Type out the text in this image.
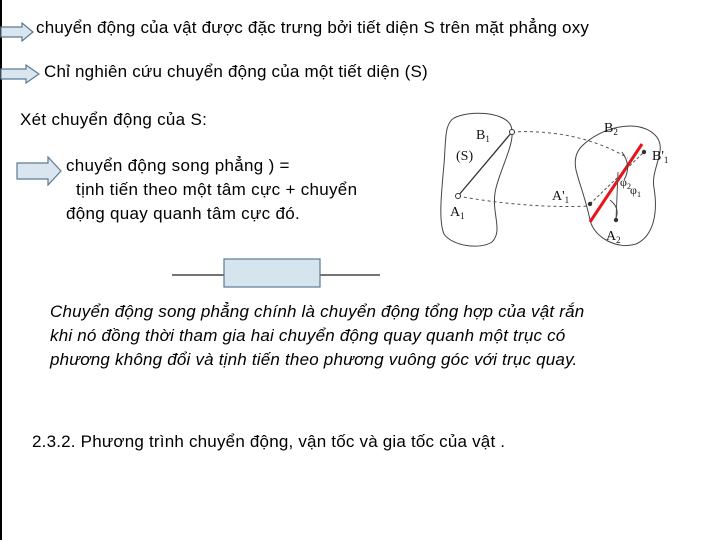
chuyển động của vật được đặc trưng bởi tiết diện S trên mặt phẳng oxy
Chỉ nghiên cứu chuyển động của một tiết diện (S)
Xét chuyển động của S:
chuyển động song phẳng ) =
tịnh tiến theo một tâm cực + chuyển
động quay quanh tâm cực đó.
$B_1$
(S)
$B_2$
$B'_1$
$A'_1$
$A_1$
$A_2$
$\varphi_2$ $\varphi_1$
Chuyển động song phẳng chính là chuyển động tổng hợp của vật rắn
khi nó đồng thời tham gia hai chuyển động quay quanh một trục có
phương không đổi và tịnh tiến theo phương vuông góc với trục quay.
2.3.2. Phương trình chuyển động, vận tốc và gia tốc của vật .
